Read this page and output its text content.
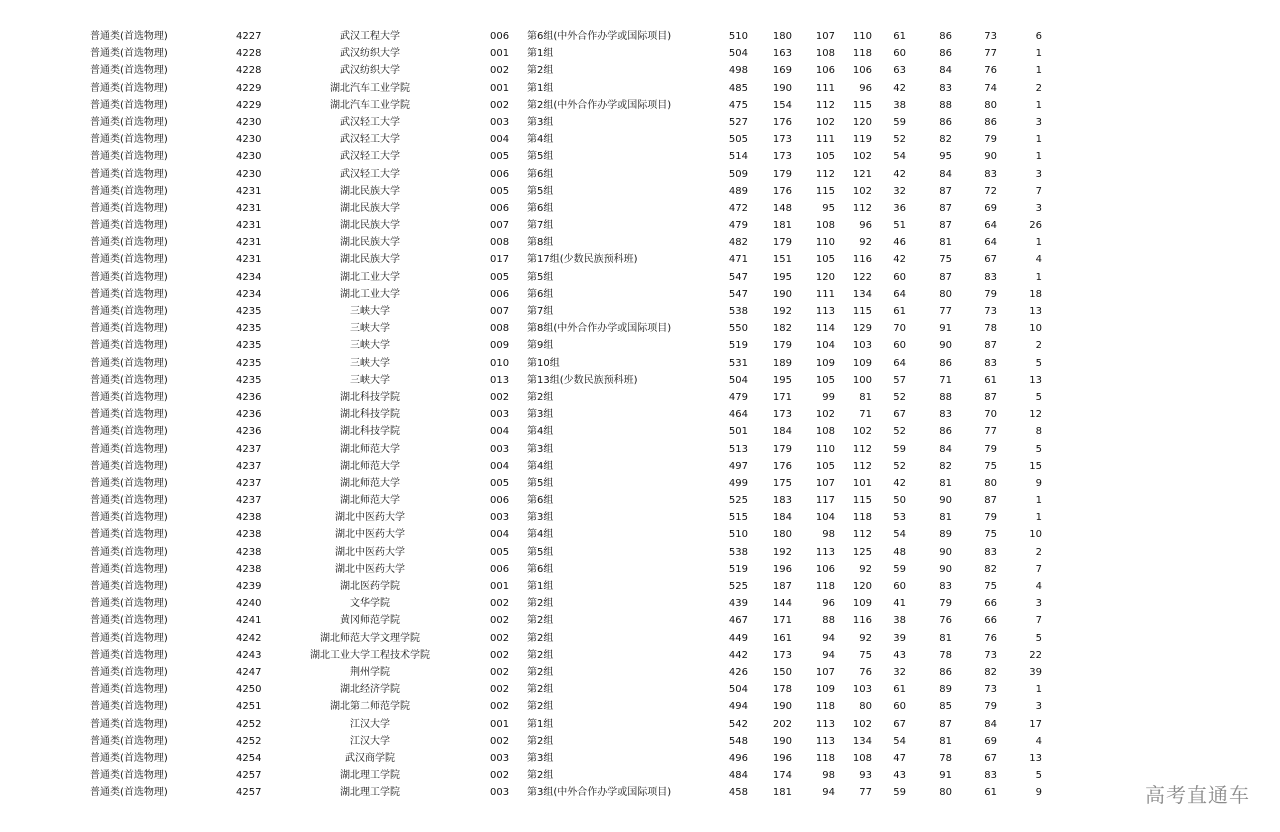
普通类(首选物理)	4227	武汉工程大学	006 第6组(中外合作办学或国际项目)	510	180	107	110	61	86	73	6
普通类(首选物理)	4228	武汉纺织大学	001 第1组	504	163	108	118	60	86	77	1
普通类(首选物理)	4228	武汉纺织大学	002 第2组	498	169	106	106	63	84	76	1
普通类(首选物理)	4229	湖北汽车工业学院	001 第1组	485	190	111	96	42	83	74	2
普通类(首选物理)	4229	湖北汽车工业学院	002 第2组(中外合作办学或国际项目)	475	154	112	115	38	88	80	1
普通类(首选物理)	4230	武汉轻工大学	003 第3组	527	176	102	120	59	86	86	3
普通类(首选物理)	4230	武汉轻工大学	004 第4组	505	173	111	119	52	82	79	1
普通类(首选物理)	4230	武汉轻工大学	005 第5组	514	173	105	102	54	95	90	1
普通类(首选物理)	4230	武汉轻工大学	006 第6组	509	179	112	121	42	84	83	3
普通类(首选物理)	4231	湖北民族大学	005 第5组	489	176	115	102	32	87	72	7
普通类(首选物理)	4231	湖北民族大学	006 第6组	472	148	95	112	36	87	69	3
普通类(首选物理)	4231	湖北民族大学	007 第7组	479	181	108	96	51	87	64	26
普通类(首选物理)	4231	湖北民族大学	008 第8组	482	179	110	92	46	81	64	1
普通类(首选物理)	4231	湖北民族大学	017 第17组(少数民族预科班)	471	151	105	116	42	75	67	4
普通类(首选物理)	4234	湖北工业大学	005 第5组	547	195	120	122	60	87	83	1
普通类(首选物理)	4234	湖北工业大学	006 第6组	547	190	111	134	64	80	79	18
普通类(首选物理)	4235	三峡大学	007 第7组	538	192	113	115	61	77	73	13
普通类(首选物理)	4235	三峡大学	008 第8组(中外合作办学或国际项目)	550	182	114	129	70	91	78	10
普通类(首选物理)	4235	三峡大学	009 第9组	519	179	104	103	60	90	87	2
普通类(首选物理)	4235	三峡大学	010 第10组	531	189	109	109	64	86	83	5
普通类(首选物理)	4235	三峡大学	013 第13组(少数民族预科班)	504	195	105	100	57	71	61	13
普通类(首选物理)	4236	湖北科技学院	002 第2组	479	171	99	81	52	88	87	5
普通类(首选物理)	4236	湖北科技学院	003 第3组	464	173	102	71	67	83	70	12
普通类(首选物理)	4236	湖北科技学院	004 第4组	501	184	108	102	52	86	77	8
普通类(首选物理)	4237	湖北师范大学	003 第3组	513	179	110	112	59	84	79	5
普通类(首选物理)	4237	湖北师范大学	004 第4组	497	176	105	112	52	82	75	15
普通类(首选物理)	4237	湖北师范大学	005 第5组	499	175	107	101	42	81	80	9
普通类(首选物理)	4237	湖北师范大学	006 第6组	525	183	117	115	50	90	87	1
普通类(首选物理)	4238	湖北中医药大学	003 第3组	515	184	104	118	53	81	79	1
普通类(首选物理)	4238	湖北中医药大学	004 第4组	510	180	98	112	54	89	75	10
普通类(首选物理)	4238	湖北中医药大学	005 第5组	538	192	113	125	48	90	83	2
普通类(首选物理)	4238	湖北中医药大学	006 第6组	519	196	106	92	59	90	82	7
普通类(首选物理)	4239	湖北医药学院	001 第1组	525	187	118	120	60	83	75	4
普通类(首选物理)	4240	文华学院	002 第2组	439	144	96	109	41	79	66	3
普通类(首选物理)	4241	黄冈师范学院	002 第2组	467	171	88	116	38	76	66	7
普通类(首选物理)	4242	湖北师范大学文理学院	002 第2组	449	161	94	92	39	81	76	5
普通类(首选物理)	4243	湖北工业大学工程技术学院	002 第2组	442	173	94	75	43	78	73	22
普通类(首选物理)	4247	荆州学院	002 第2组	426	150	107	76	32	86	82	39
普通类(首选物理)	4250	湖北经济学院	002 第2组	504	178	109	103	61	89	73	1
普通类(首选物理)	4251	湖北第二师范学院	002 第2组	494	190	118	80	60	85	79	3
普通类(首选物理)	4252	江汉大学	001 第1组	542	202	113	102	67	87	84	17
普通类(首选物理)	4252	江汉大学	002 第2组	548	190	113	134	54	81	69	4
普通类(首选物理)	4254	武汉商学院	003 第3组	496	196	118	108	47	78	67	13
普通类(首选物理)	4257	湖北理工学院	002 第2组	484	174	98	93	43	91	83	5
普通类(首选物理)	4257	湖北理工学院	003 第3组(中外合作办学或国际项目)	458	181	94	77	59	80	61	9	高考直通车
